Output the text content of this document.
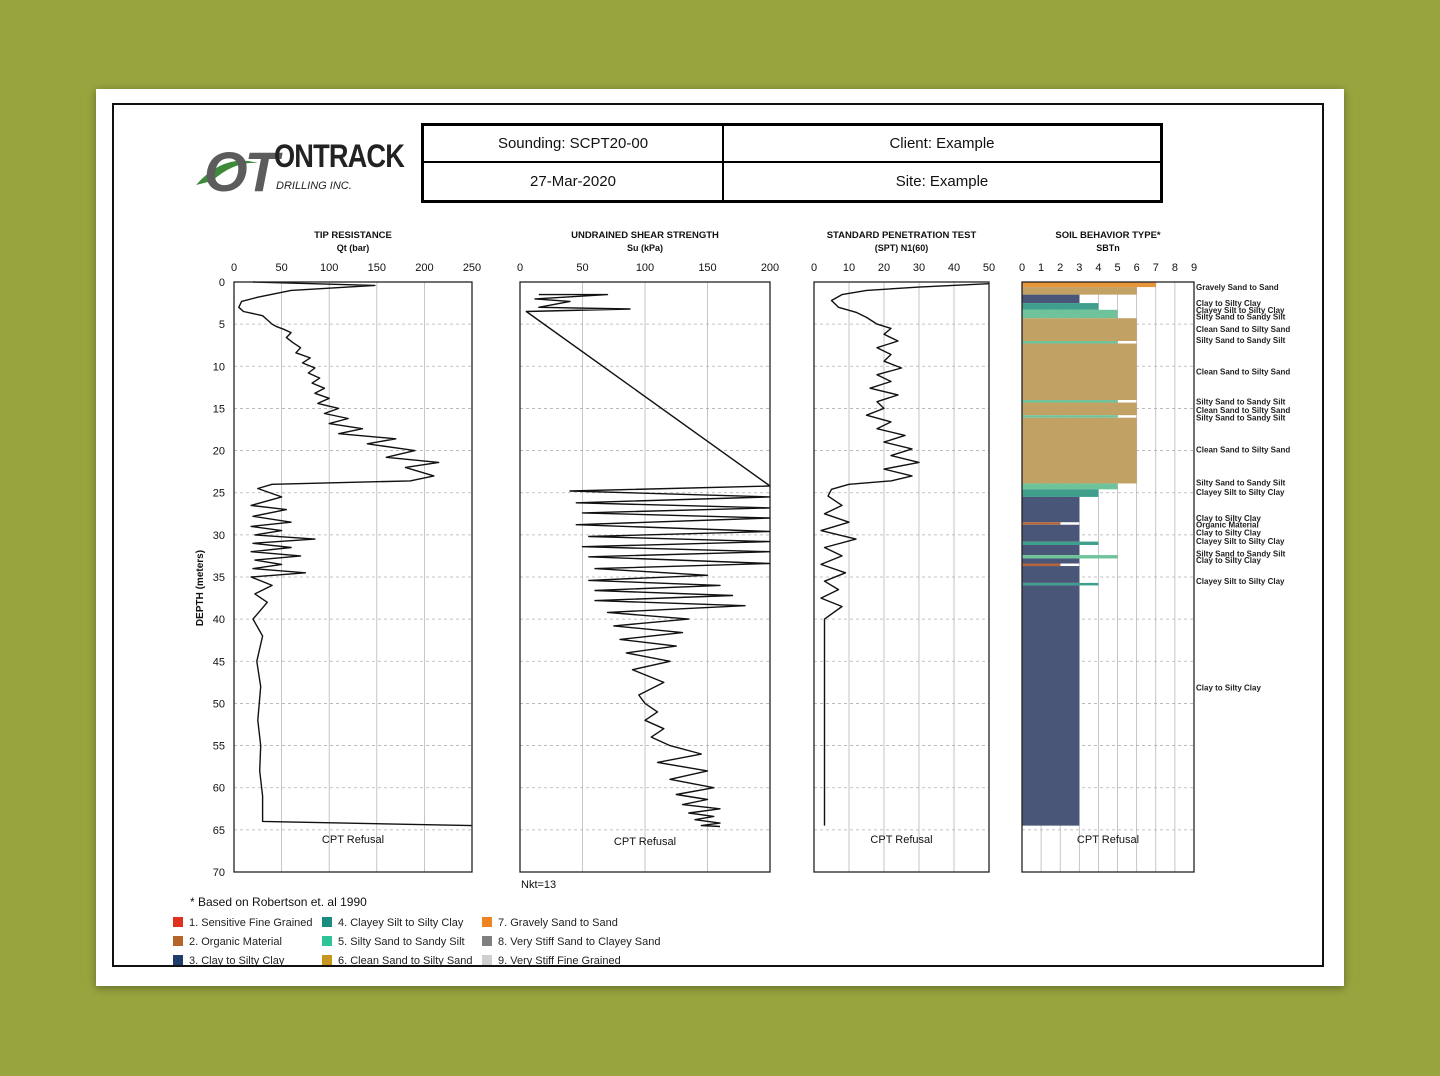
OT
ONTRACK
DRILLING INC.
Sounding: SCPT20-00	Client: Example
27-Mar-2020	Site: Example
TIP RESISTANCE
Qt (bar)
0	50	100	150	200	250
0
5
10
15
20
25
30
35
40
45
50
55
60
65
70
CPT Refusal
UNDRAINED SHEAR STRENGTH
Su (kPa)
0	50	100	150	200
CPT Refusal
STANDARD PENETRATION TEST
(SPT) N1(60)
0 10 20 30 40 50
CPT Refusal
SOIL BEHAVIOR TYPE*
SBTn
0 1 2 3 4 5 6 7 8 9
Gravely Sand to Sand
Clay to Silty Clay
Clayey Silt to Silty Clay
Silty Sand to Sandy Silt
Clean Sand to Silty Sand
Silty Sand to Sandy Silt
Clean Sand to Silty Sand
Silty Sand to Sandy Silt
Clean Sand to Silty Sand
Silty Sand to Sandy Silt
Clean Sand to Silty Sand
Silty Sand to Sandy Silt
Clayey Silt to Silty Clay
Clay to Silty Clay
Organic Material
Clay to Silty Clay
Clayey Silt to Silty Clay
Silty Sand to Sandy Silt
Clay to Silty Clay
Clayey Silt to Silty Clay
Clay to Silty Clay
CPT Refusal
DEPTH (meters)
Nkt=13
* Based on Robertson et. al 1990
1. Sensitive Fine Grained
2. Organic Material
3. Clay to Silty Clay
4. Clayey Silt to Silty Clay
5. Silty Sand to Sandy Silt
6. Clean Sand to Silty Sand
7. Gravely Sand to Sand
8. Very Stiff Sand to Clayey Sand
9. Very Stiff Fine Grained
